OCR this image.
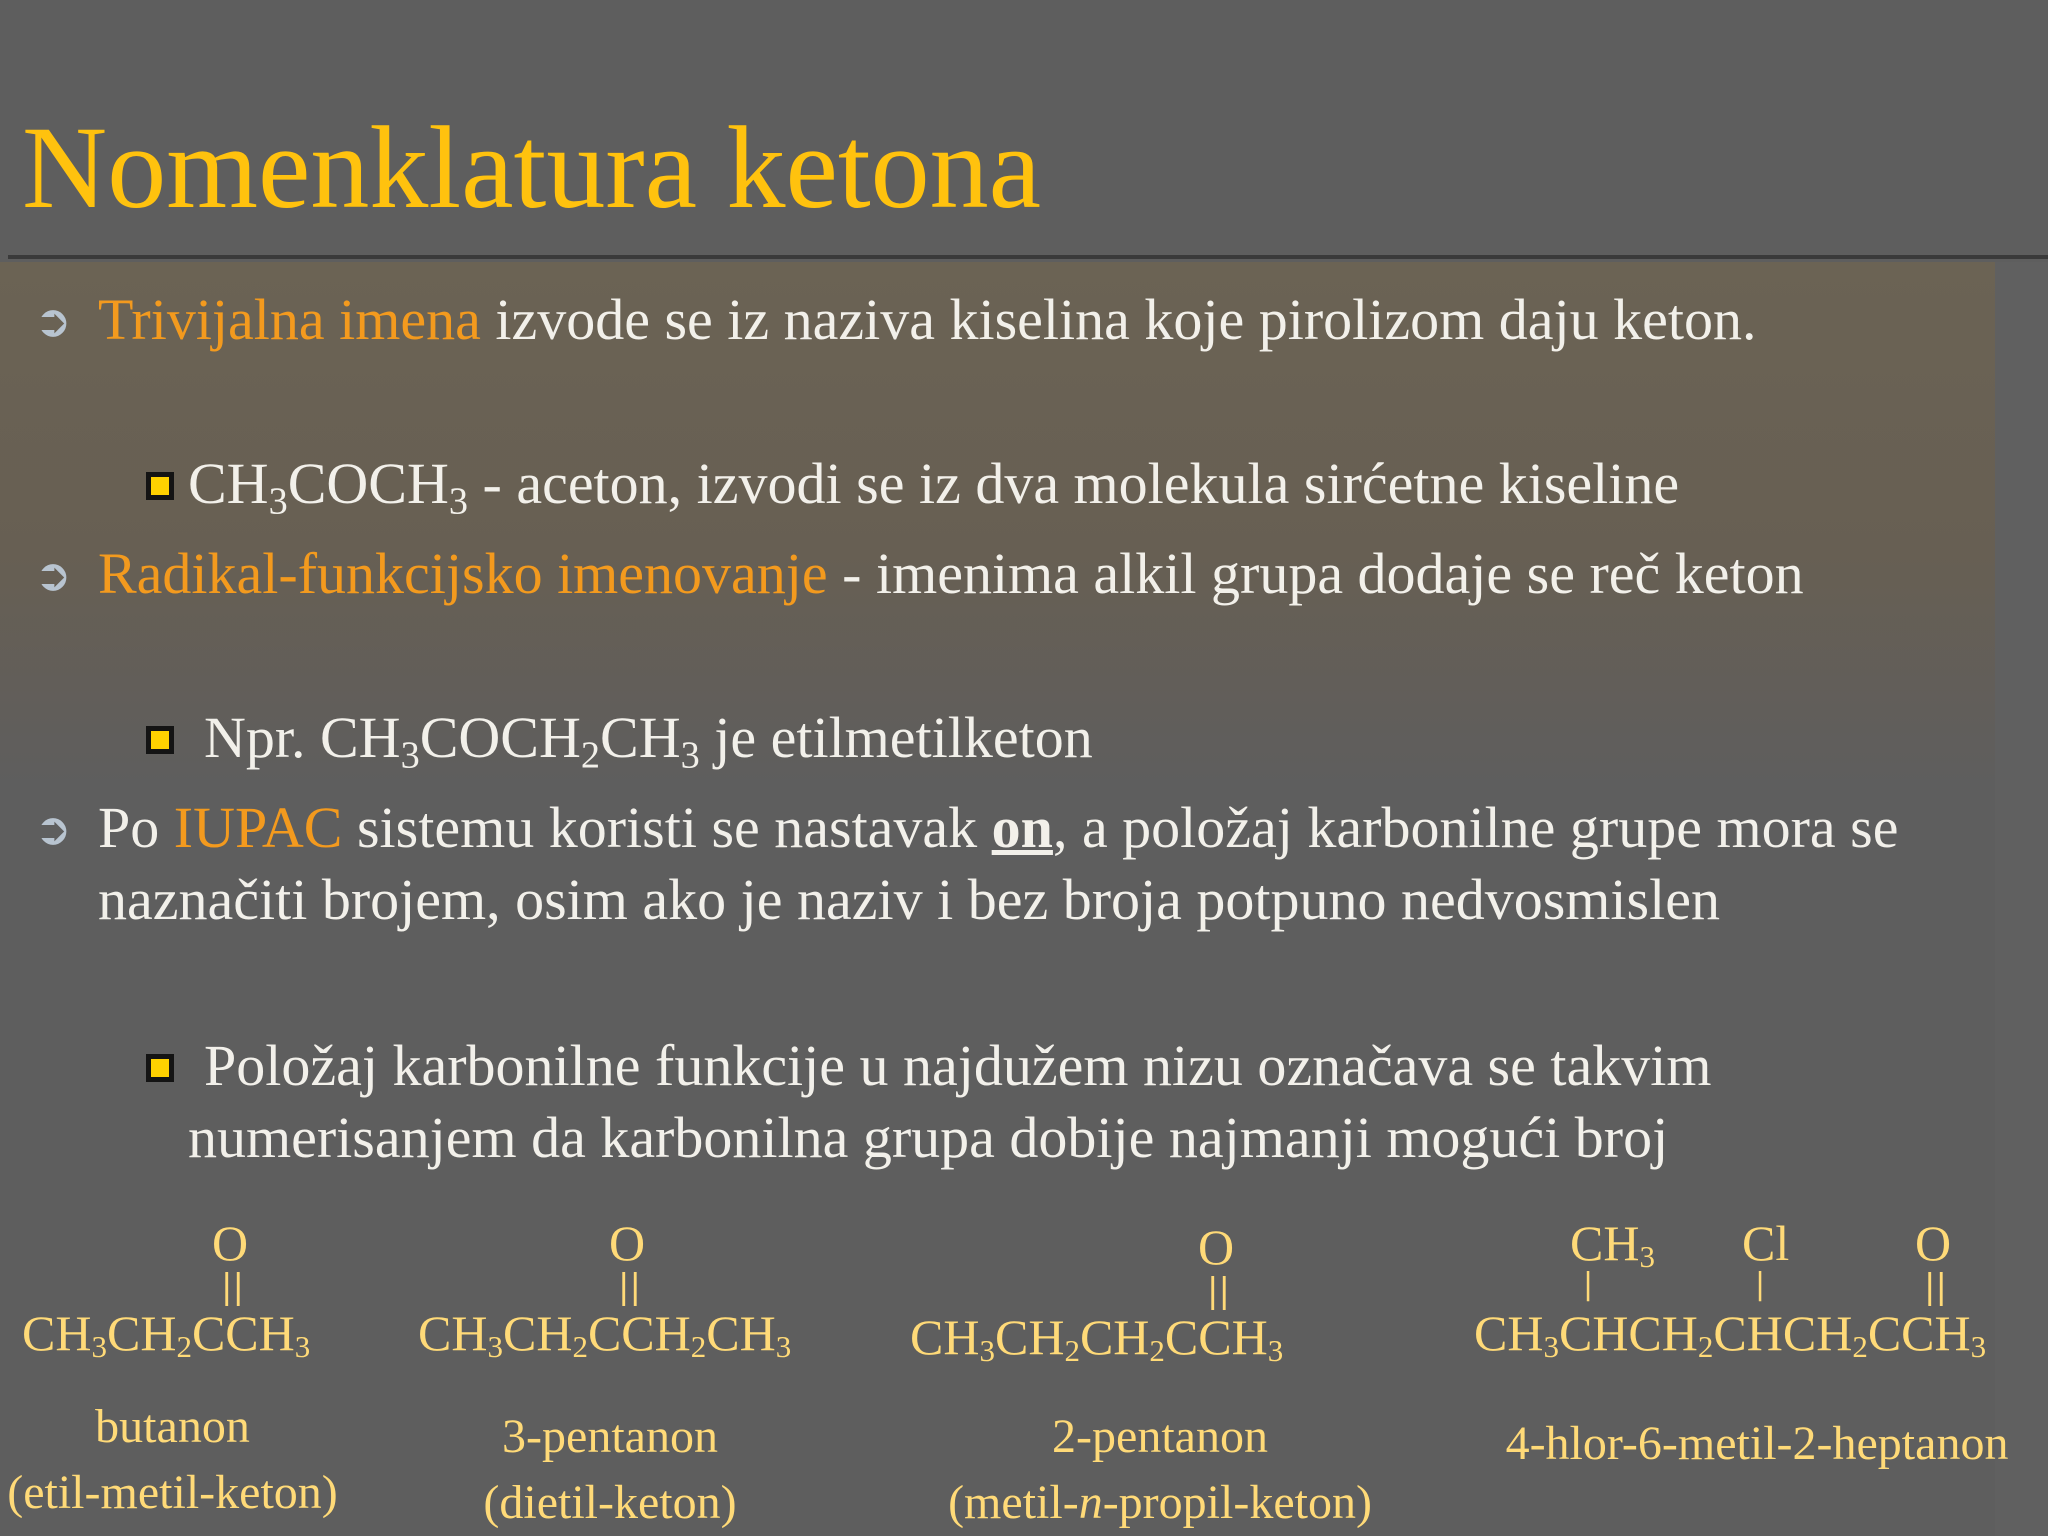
Nomenklatura ketona
➲ Trivijalna imena izvode se iz naziva kiselina koje pirolizom daju keton.
$CH_3COCH_3$ - aceton, izvodi se iz dva molekula sirćetne kiseline
➲ Radikal-funkcijsko imenovanje - imenima alkil grupa dodaje se reč keton
Npr. $CH_3COCH_2CH_3$ je etilmetilketon
➲ Po IUPAC sistemu koristi se nastavak on, a položaj karbonilne grupe mora se naznačiti brojem, osim ako je naziv i bez broja potpuno nedvosmislen
Položaj karbonilne funkcije u najdužem nizu označava se takvim numerisanjem da karbonilna grupa dobije najmanji mogući broj
O
||
$CH_3CH_2CCH_3$
butanon
(etil-metil-keton)
O
||
$CH_3CH_2CCH_2CH_3$
3-pentanon
(dietil-keton)
O
||
$CH_3CH_2CH_2CCH_3$
2-pentanon
(metil-n-propil-keton)
$CH_3$ Cl	O
|	|	||
$CH_3CHCH_2CHCH_2CCH_3$
4-hlor-6-metil-2-heptanon
